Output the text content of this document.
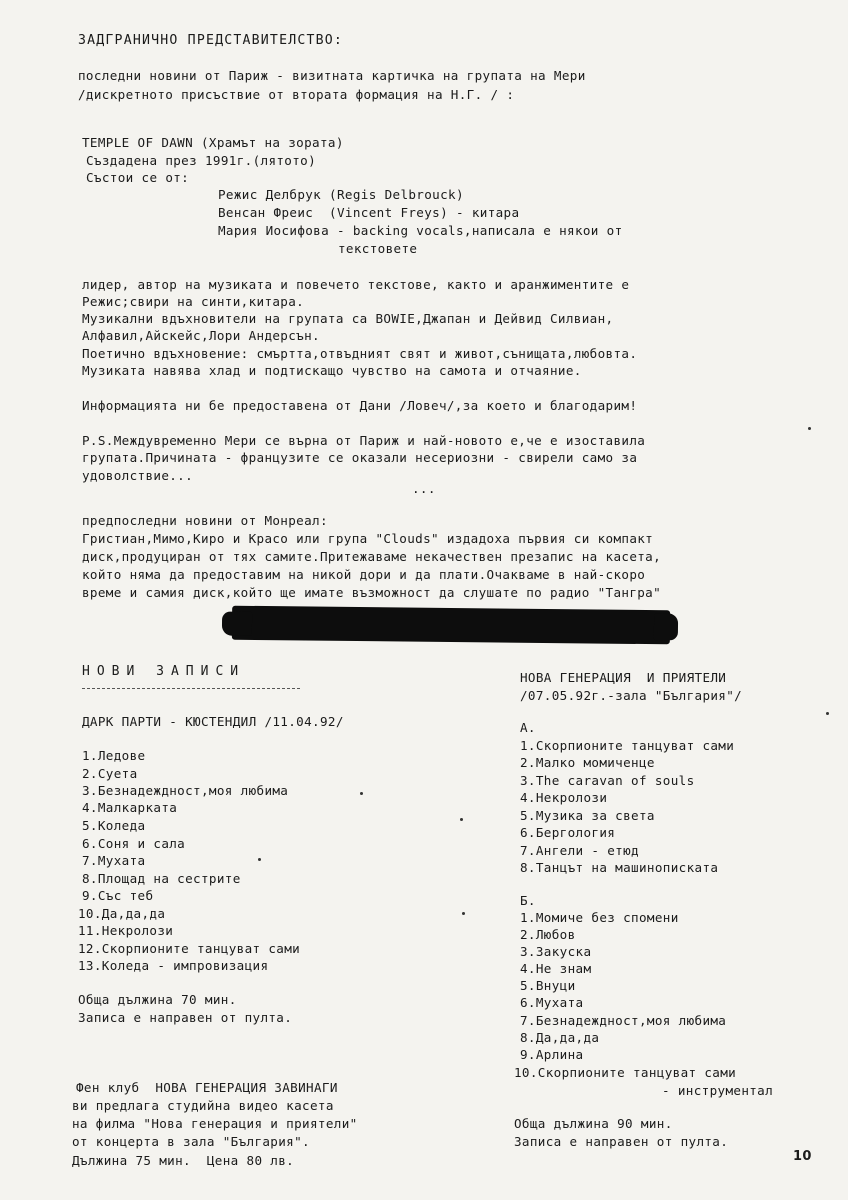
ЗАДГРАНИЧНО ПРЕДСТАВИТЕЛСТВО:
последни новини от Париж - визитната картичка на групата на Мери
/дискретното присъствие от втората формация на Н.Г. / :
TEMPLE OF DAWN (Храмът на зората)
Създадена през 1991г.(лятото)
Състои се от:
Режис Делбрук (Regis Delbrouck)
Венсан Фреис  (Vincent Freys) - китара
Мария Иосифова - backing vocals,написала е някои от
текстовете
лидер, автор на музиката и повечето текстове, както и аранжиментите е
Режис;свири на синти,китара.
Музикални вдъхновители на групата са BOWIE,Джапан и Дейвид Силвиан,
Алфавил,Айскейс,Лори Андерсън.
Поетично вдъхновение: смъртта,отвъдният свят и живот,сънищата,любовта.
Музиката навява хлад и подтискащо чувство на самота и отчаяние.
Информацията ни бе предоставена от Дани /Ловеч/,за което и благодарим!
P.S.Междувременно Мери се върна от Париж и най-новото е,че е изоставила
групата.Причината - французите се оказали несериозни - свирели само за
удоволствие...
...
предпоследни новини от Монреал:
Гристиан,Мимо,Киро и Красо или група "Clouds" издадоха първия си компакт
диск,продуциран от тях самите.Притежаваме некачествен презапис на касета,
който няма да предоставим на никой дори и да плати.Очакваме в най-скоро
време и самия диск,който ще имате възможност да слушате по радио "Тангра"
НОВИ ЗАПИСИ
ДАРК ПАРТИ - КЮСТЕНДИЛ /11.04.92/
1.Ледове
2.Суета
3.Безнадеждност,моя любима
4.Малкарката
5.Коледа
6.Соня и сала
7.Мухата
8.Площад на сестрите
9.Със теб
10.Да,да,да
11.Некролози
12.Скорпионите танцуват сами
13.Коледа - импровизация
Обща дължина 70 мин.
Записа е направен от пулта.
Фен клуб  НОВА ГЕНЕРАЦИЯ ЗАВИНАГИ
ви предлага студийна видео касета
на филма "Нова генерация и приятели"
от концерта в зала "България".
Дължина 75 мин.  Цена 80 лв.
НОВА ГЕНЕРАЦИЯ  И ПРИЯТЕЛИ
/07.05.92г.-зала "България"/
А.
1.Скорпионите танцуват сами
2.Малко момиченце
3.The caravan of souls
4.Некролози
5.Музика за света
6.Бергология
7.Ангели - етюд
8.Танцът на машинописката
Б.
1.Момиче без спомени
2.Любов
3.Закуска
4.Не знам
5.Внуци
6.Мухата
7.Безнадеждност,моя любима
8.Да,да,да
9.Арлина
10.Скорпионите танцуват сами
- инструментал
Обща дължина 90 мин.
Записа е направен от пулта.
10
